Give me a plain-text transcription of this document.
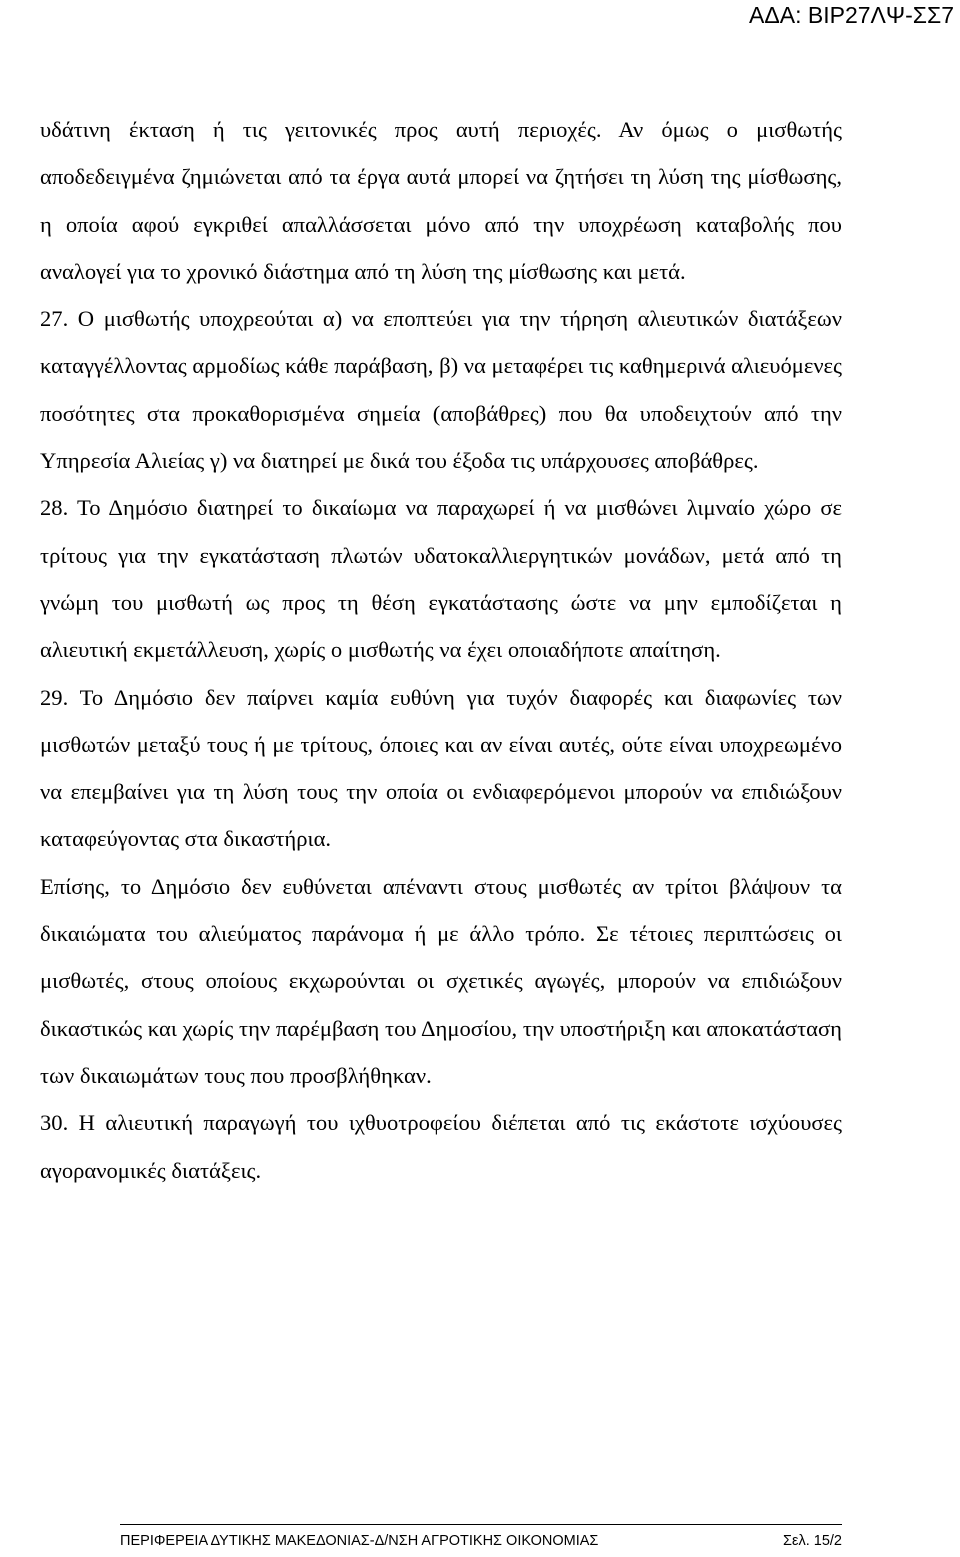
ΑΔΑ: ΒΙΡ27ΛΨ-ΣΣ7

υδάτινη έκταση ή τις γειτονικές προς αυτή περιοχές. Αν όμως ο μισθωτής αποδεδειγμένα ζημιώνεται από τα έργα αυτά μπορεί να ζητήσει τη λύση της μίσθωσης, η οποία αφού εγκριθεί απαλλάσσεται μόνο από την υποχρέωση καταβολής που αναλογεί για το χρονικό διάστημα από τη λύση της μίσθωσης και μετά.

27. Ο μισθωτής υποχρεούται α) να εποπτεύει για την τήρηση αλιευτικών διατάξεων καταγγέλλοντας αρμοδίως κάθε παράβαση, β) να μεταφέρει τις καθημερινά αλιευόμενες ποσότητες στα προκαθορισμένα σημεία (αποβάθρες) που θα υποδειχτούν από την Υπηρεσία Αλιείας γ) να διατηρεί με δικά του έξοδα τις υπάρχουσες αποβάθρες.

28. Το Δημόσιο διατηρεί το δικαίωμα να παραχωρεί ή να μισθώνει λιμναίο χώρο σε τρίτους για την εγκατάσταση πλωτών υδατοκαλλιεργητικών μονάδων, μετά από τη γνώμη του μισθωτή ως προς τη θέση εγκατάστασης ώστε να μην εμποδίζεται η αλιευτική εκμετάλλευση, χωρίς ο μισθωτής να έχει οποιαδήποτε απαίτηση.

29. Το Δημόσιο δεν παίρνει καμία ευθύνη για τυχόν διαφορές και διαφωνίες των μισθωτών μεταξύ τους ή με τρίτους, όποιες και αν είναι αυτές, ούτε είναι υποχρεωμένο να επεμβαίνει για τη λύση τους την οποία οι ενδιαφερόμενοι μπορούν να επιδιώξουν καταφεύγοντας στα δικαστήρια.

Επίσης, το Δημόσιο δεν ευθύνεται απέναντι στους μισθωτές αν τρίτοι βλάψουν τα δικαιώματα του αλιεύματος παράνομα ή με άλλο τρόπο. Σε τέτοιες περιπτώσεις οι μισθωτές, στους οποίους εκχωρούνται οι σχετικές αγωγές, μπορούν να επιδιώξουν δικαστικώς και χωρίς την παρέμβαση του Δημοσίου, την υποστήριξη και αποκατάσταση των δικαιωμάτων τους που προσβλήθηκαν.

30. Η αλιευτική παραγωγή του ιχθυοτροφείου διέπεται από τις εκάστοτε ισχύουσες αγορανομικές διατάξεις.

ΠΕΡΙΦΕΡΕΙΑ ΔΥΤΙΚΗΣ ΜΑΚΕΔΟΝΙΑΣ-Δ/ΝΣΗ ΑΓΡΟΤΙΚΗΣ ΟΙΚΟΝΟΜΙΑΣ	Σελ. 15/2
